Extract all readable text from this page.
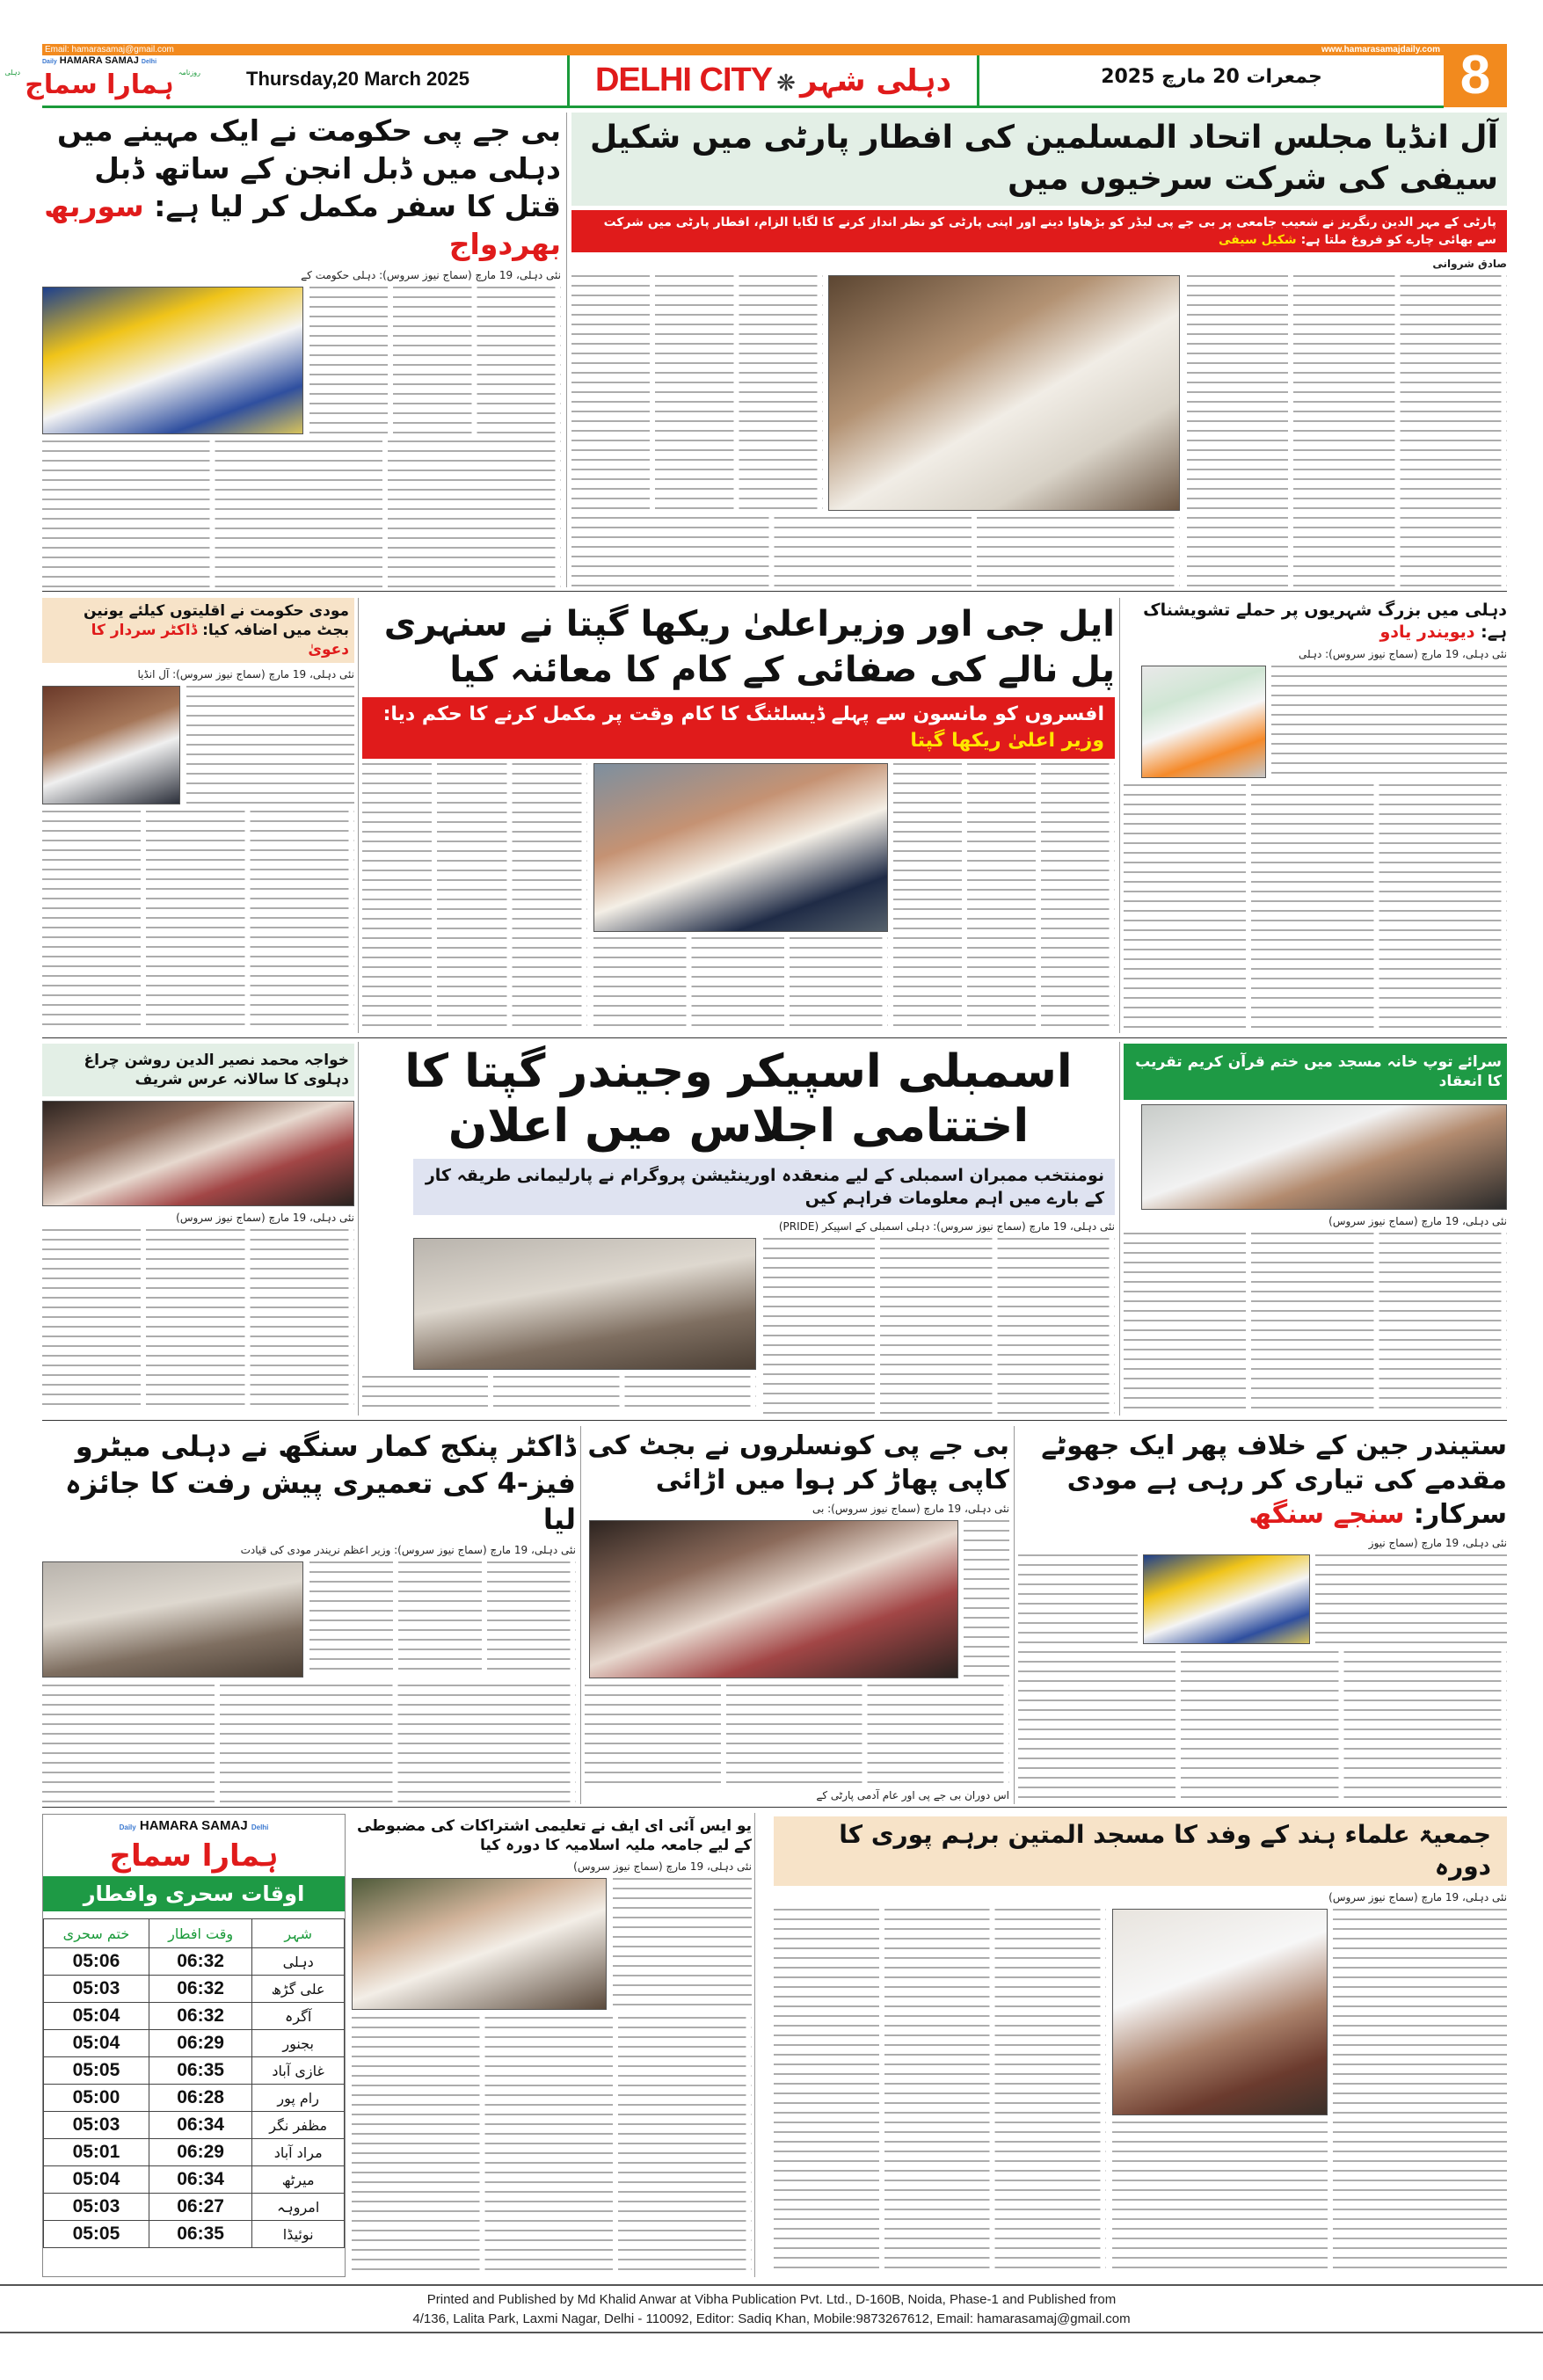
Email: hamarasamaj@gmail.com	www.hamarasamajdaily.com 8
Daily HAMARA SAMAJ Delhi
$^{روزنامہ}$ ہمارا سماج $^{دہلی}$	Thursday,20 March 2025	DELHI CITY ❋ دہلی شہر	جمعرات 20 مارچ 2025
بی جے پی حکومت نے ایک مہینے میں دہلی میں ڈبل انجن کے ساتھ ڈبل قتل کا سفر مکمل کر لیا ہے: سوربھ بھردواج
نئی دہلی، 19 مارچ (سماج نیوز سروس): دہلی حکومت کے
آل انڈیا مجلس اتحاد المسلمین کی افطار پارٹی میں شکیل سیفی کی شرکت سرخیوں میں
پارٹی کے مہر الدین رنگریز نے شعیب جامعی پر بی جے پی لیڈر کو بڑھاوا دینے اور اپنی پارٹی کو نظر انداز کرنے کا لگایا الزام، افطار پارٹی میں شرکت سے بھائی چارے کو فروغ ملتا ہے: شکیل سیفی
صادق شروانی
مودی حکومت نے اقلیتوں کیلئے یونین بجٹ میں اضافہ کیا: ڈاکٹر سردار کا دعویٰ
نئی دہلی، 19 مارچ (سماج نیوز سروس): آل انڈیا
ایل جی اور وزیراعلیٰ ریکھا گپتا نے سنہری پل نالے کی صفائی کے کام کا معائنہ کیا
افسروں کو مانسون سے پہلے ڈیسلٹنگ کا کام وقت پر مکمل کرنے کا حکم دیا: وزیر اعلیٰ ریکھا گپتا
دہلی میں بزرگ شہریوں پر حملے تشویشناک ہے: دیویندر یادو
نئی دہلی، 19 مارچ (سماج نیوز سروس): دہلی
خواجہ محمد نصیر الدین روشن چراغ دہلوی کا سالانہ عرس شریف
نئی دہلی، 19 مارچ (سماج نیوز سروس)
اسمبلی اسپیکر وجیندر گپتا کا اختتامی اجلاس میں اعلان
نومنتخب ممبران اسمبلی کے لیے منعقدہ اورینٹیشن پروگرام نے پارلیمانی طریقہ کار کے بارے میں اہم معلومات فراہم کیں
نئی دہلی، 19 مارچ (سماج نیوز سروس): دہلی اسمبلی کے اسپیکر (PRIDE)
سرائے توپ خانہ مسجد میں ختم قرآن کریم تقریب کا انعقاد
نئی دہلی، 19 مارچ (سماج نیوز سروس)
ڈاکٹر پنکج کمار سنگھ نے دہلی میٹرو فیز-4 کی تعمیری پیش رفت کا جائزہ لیا
نئی دہلی، 19 مارچ (سماج نیوز سروس): وزیر اعظم نریندر مودی کی قیادت
بی جے پی کونسلروں نے بجٹ کی کاپی پھاڑ کر ہوا میں اڑائی
نئی دہلی، 19 مارچ (سماج نیوز سروس): بی
اس دوران بی جے پی اور عام آدمی پارٹی کے
ستیندر جین کے خلاف پھر ایک جھوٹے مقدمے کی تیاری کر رہی ہے مودی سرکار: سنجے سنگھ
نئی دہلی، 19 مارچ (سماج نیوز
Daily HAMARA SAMAJ Delhi
ہمارا سماج
اوقات سحری وافطار
شہر	وقت افطار	ختم سحری
دہلی	06:32	05:06
علی گڑھ	06:32	05:03
آگرہ	06:32	05:04
بجنور	06:29	05:04
غازی آباد	06:35	05:05
رام پور	06:28	05:00
مظفر نگر	06:34	05:03
مراد آباد	06:29	05:01
میرٹھ	06:34	05:04
امروہہ	06:27	05:03
نوئیڈا	06:35	05:05
یو ایس آئی ای ایف نے تعلیمی اشتراکات کی مضبوطی کے لیے جامعہ ملیہ اسلامیہ کا دورہ کیا
نئی دہلی، 19 مارچ (سماج نیوز سروس)
جمعیۃ علماء ہند کے وفد کا مسجد المتین برہم پوری کا دورہ
نئی دہلی، 19 مارچ (سماج نیوز سروس)
Printed and Published by Md Khalid Anwar at Vibha Publication Pvt. Ltd., D-160B, Noida, Phase-1 and Published from
4/136, Lalita Park, Laxmi Nagar, Delhi - 110092, Editor: Sadiq Khan, Mobile:9873267612, Email: hamarasamaj@gmail.com
